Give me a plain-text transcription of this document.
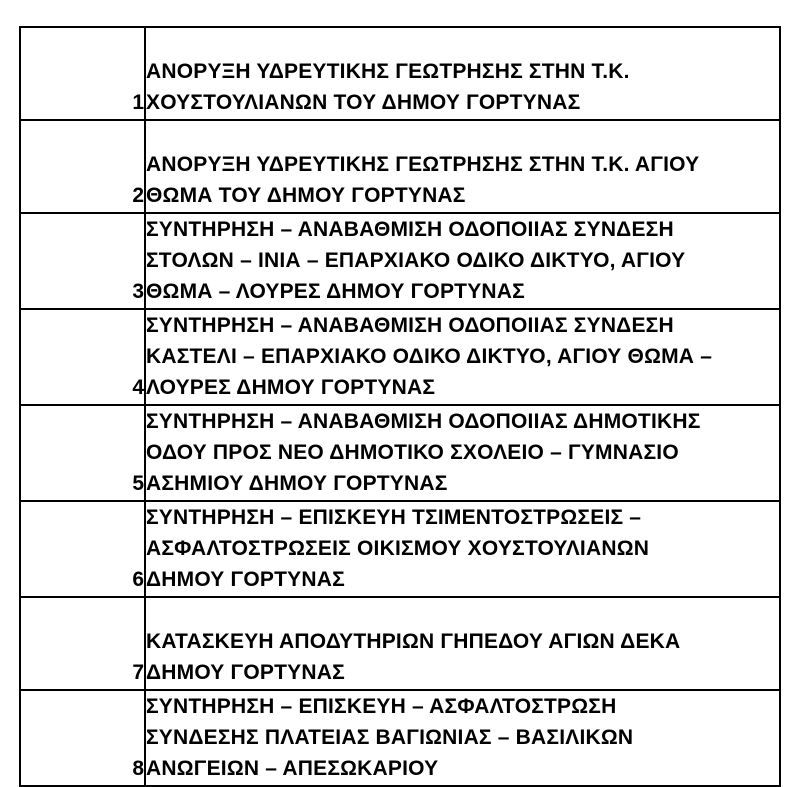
1	ΑΝΟΡΥΞΗ ΥΔΡΕΥΤΙΚΗΣ ΓΕΩΤΡΗΣΗΣ ΣΤΗΝ Τ.Κ.
ΧΟΥΣΤΟΥΛΙΑΝΩΝ ΤΟΥ ΔΗΜΟΥ ΓΟΡΤΥΝΑΣ

2	ΑΝΟΡΥΞΗ ΥΔΡΕΥΤΙΚΗΣ ΓΕΩΤΡΗΣΗΣ ΣΤΗΝ Τ.Κ. ΑΓΙΟΥ
ΘΩΜΑ ΤΟΥ ΔΗΜΟΥ ΓΟΡΤΥΝΑΣ

3	ΣΥΝΤΗΡΗΣΗ – ΑΝΑΒΑΘΜΙΣΗ ΟΔΟΠΟΙΙΑΣ ΣΥΝΔΕΣΗ
ΣΤΟΛΩΝ – ΙΝΙΑ – ΕΠΑΡΧΙΑΚΟ ΟΔΙΚΟ ΔΙΚΤΥΟ, ΑΓΙΟΥ
ΘΩΜΑ – ΛΟΥΡΕΣ ΔΗΜΟΥ ΓΟΡΤΥΝΑΣ

4	ΣΥΝΤΗΡΗΣΗ – ΑΝΑΒΑΘΜΙΣΗ ΟΔΟΠΟΙΙΑΣ ΣΥΝΔΕΣΗ
ΚΑΣΤΕΛΙ – ΕΠΑΡΧΙΑΚΟ ΟΔΙΚΟ ΔΙΚΤΥΟ, ΑΓΙΟΥ ΘΩΜΑ –
ΛΟΥΡΕΣ ΔΗΜΟΥ ΓΟΡΤΥΝΑΣ

5	ΣΥΝΤΗΡΗΣΗ – ΑΝΑΒΑΘΜΙΣΗ ΟΔΟΠΟΙΙΑΣ ΔΗΜΟΤΙΚΗΣ
ΟΔΟΥ ΠΡΟΣ ΝΕΟ ΔΗΜΟΤΙΚΟ ΣΧΟΛΕΙΟ – ΓΥΜΝΑΣΙΟ
ΑΣΗΜΙΟΥ ΔΗΜΟΥ ΓΟΡΤΥΝΑΣ

6	ΣΥΝΤΗΡΗΣΗ – ΕΠΙΣΚΕΥΗ ΤΣΙΜΕΝΤΟΣΤΡΩΣΕΙΣ –
ΑΣΦΑΛΤΟΣΤΡΩΣΕΙΣ ΟΙΚΙΣΜΟΥ ΧΟΥΣΤΟΥΛΙΑΝΩΝ
ΔΗΜΟΥ ΓΟΡΤΥΝΑΣ

7	ΚΑΤΑΣΚΕΥΗ ΑΠΟΔΥΤΗΡΙΩΝ ΓΗΠΕΔΟΥ ΑΓΙΩΝ ΔΕΚΑ
ΔΗΜΟΥ ΓΟΡΤΥΝΑΣ

8	ΣΥΝΤΗΡΗΣΗ – ΕΠΙΣΚΕΥΗ – ΑΣΦΑΛΤΟΣΤΡΩΣΗ
ΣΥΝΔΕΣΗΣ ΠΛΑΤΕΙΑΣ ΒΑΓΙΩΝΙΑΣ – ΒΑΣΙΛΙΚΩΝ
ΑΝΩΓΕΙΩΝ – ΑΠΕΣΩΚΑΡΙΟΥ
